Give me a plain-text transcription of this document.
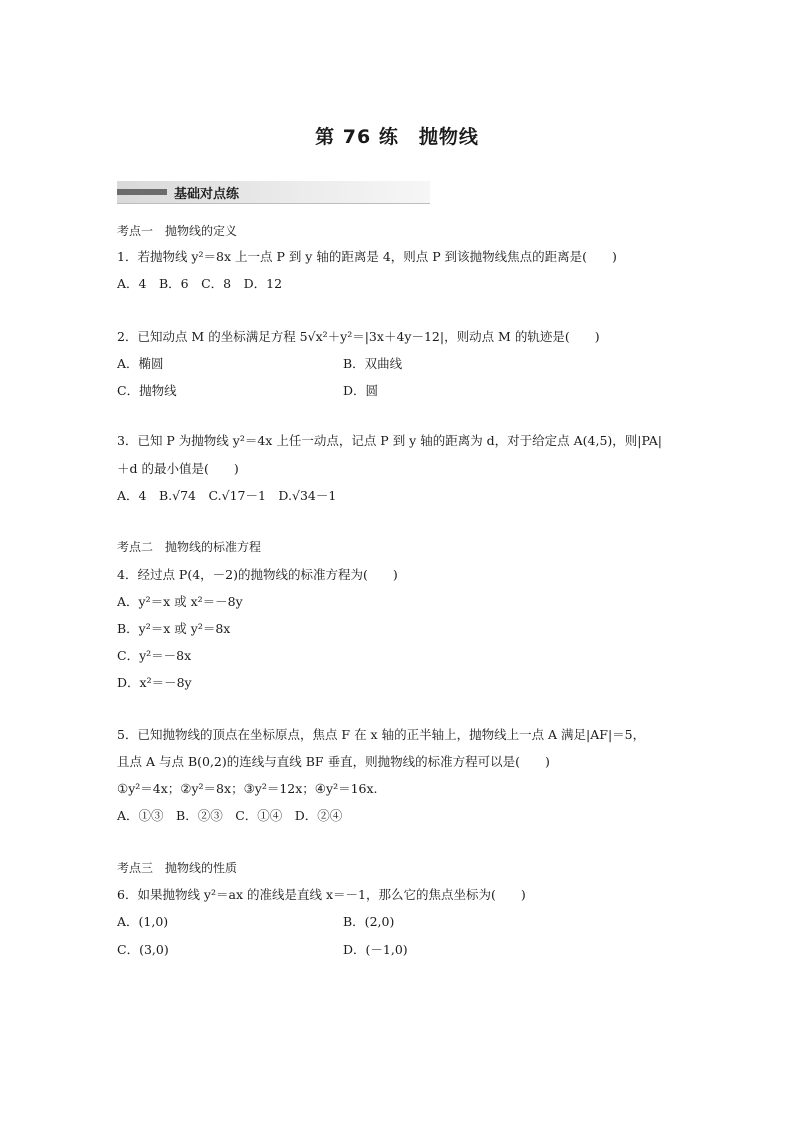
第 76 练　抛物线
基础对点练
考点一　抛物线的定义
1．若抛物线 y²＝8x 上一点 P 到 y 轴的距离是 4，则点 P 到该抛物线焦点的距离是(　　)
A．4　B．6　C．8　D．12
2．已知动点 M 的坐标满足方程 5√x²＋y²＝|3x＋4y－12|，则动点 M 的轨迹是(　　)
A．椭圆	B．双曲线
C．抛物线	D．圆
3．已知 P 为抛物线 y²＝4x 上任一动点，记点 P 到 y 轴的距离为 d，对于给定点 A(4,5)，则|PA|
＋d 的最小值是(　　)
A．4　B.√74　C.√17－1　D.√34－1
考点二　抛物线的标准方程
4．经过点 P(4，－2)的抛物线的标准方程为(　　)
A．y²＝x 或 x²＝－8y
B．y²＝x 或 y²＝8x
C．y²＝－8x
D．x²＝－8y
5．已知抛物线的顶点在坐标原点，焦点 F 在 x 轴的正半轴上，抛物线上一点 A 满足|AF|＝5，
且点 A 与点 B(0,2)的连线与直线 BF 垂直，则抛物线的标准方程可以是(　　)
①y²＝4x；②y²＝8x；③y²＝12x；④y²＝16x.
A．①③　B．②③　C．①④　D．②④
考点三　抛物线的性质
6．如果抛物线 y²＝ax 的准线是直线 x＝－1，那么它的焦点坐标为(　　)
A．(1,0)	B．(2,0)
C．(3,0)	D．(－1,0)
